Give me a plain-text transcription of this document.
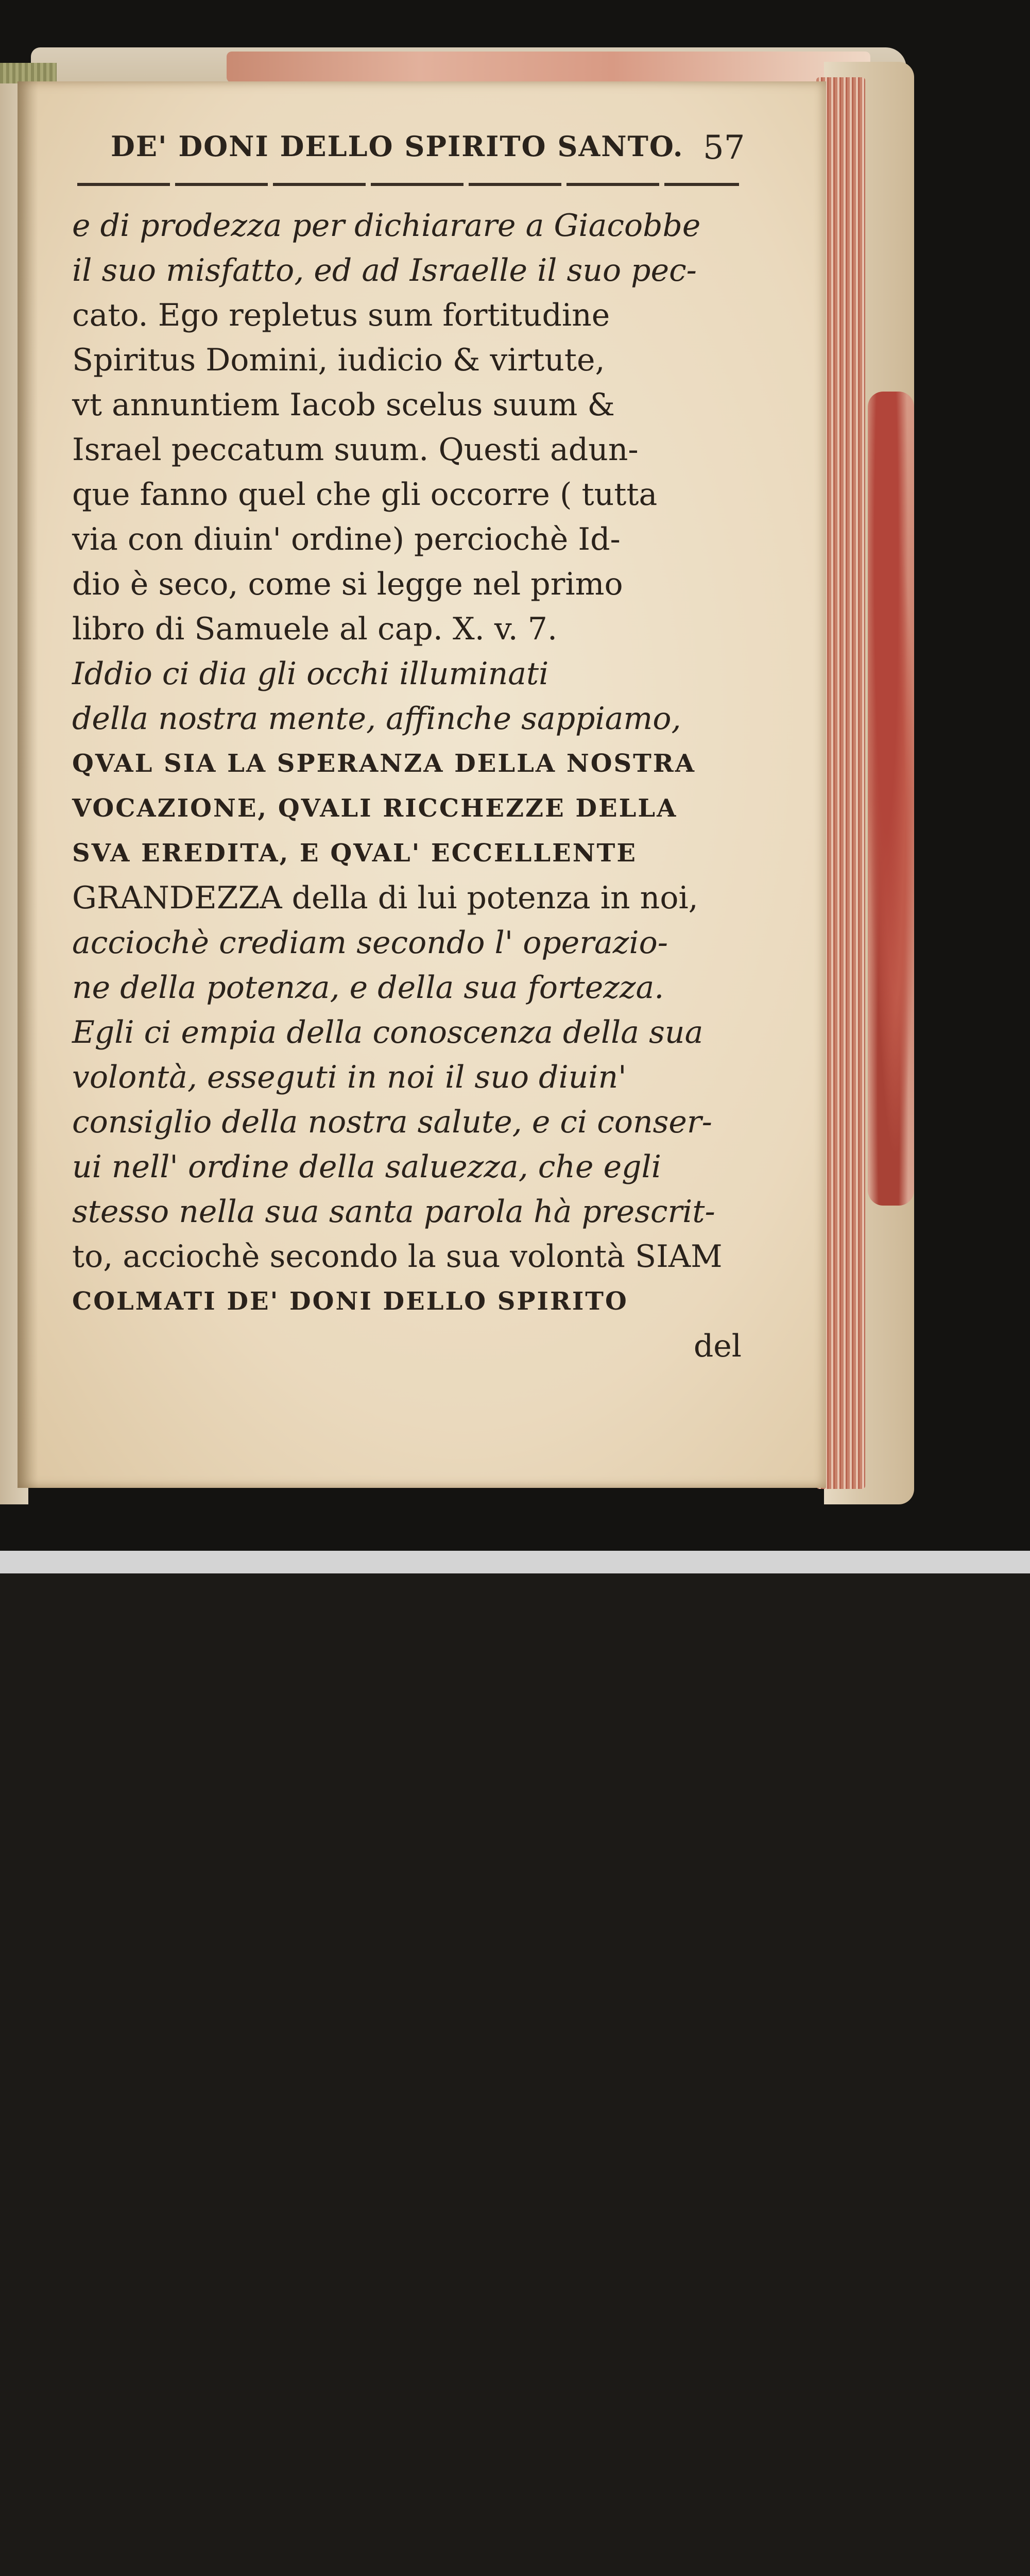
DE' DONI DELLO SPIRITO SANTO. 57
e di prodezza per dichiarare a Giacobbe
il suo misfatto, ed ad Israelle il suo pec-
cato. Ego repletus sum fortitudine
Spiritus Domini, iudicio & virtute,
vt annuntiem Iacob scelus suum &
Israel peccatum suum. Questi adun-
que fanno quel che gli occorre ( tutta
via con diuin' ordine) perciochè Id-
dio è seco, come si legge nel primo
libro di Samuele al cap. X. v. 7.
Iddio ci dia gli occhi illuminati
della nostra mente, affinche sappiamo,
QVAL SIA LA SPERANZA DELLA NOSTRA
VOCAZIONE, QVALI RICCHEZZE DELLA
SVA EREDITA, E QVAL' ECCELLENTE
GRANDEZZA della di lui potenza in noi,
acciochè crediam secondo l' operazio-
ne della potenza, e della sua fortezza.
Egli ci empia della conoscenza della sua
volontà, esseguti in noi il suo diuin'
consiglio della nostra salute, e ci conser-
ui nell' ordine della saluezza, che egli
stesso nella sua santa parola hà prescrit-
to, acciochè secondo la sua volontà SIAM
COLMATI DE' DONI DELLO SPIRITO
del
